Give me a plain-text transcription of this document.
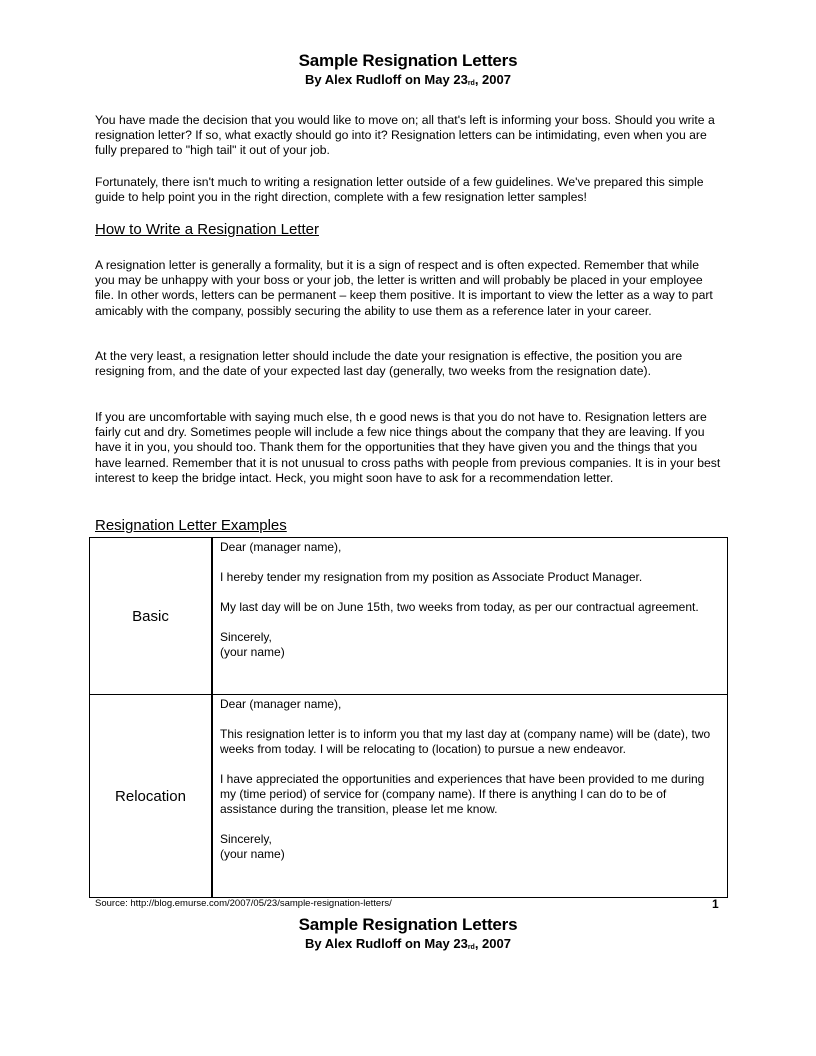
Sample Resignation Letters
By Alex Rudloff on May 23rd, 2007

You have made the decision that you would like to move on; all that's left is informing your boss. Should you write a resignation letter? If so, what exactly should go into it? Resignation letters can be intimidating, even when you are fully prepared to "high tail" it out of your job.

Fortunately, there isn't much to writing a resignation letter outside of a few guidelines. We've prepared this simple guide to help point you in the right direction, complete with a few resignation letter samples!

How to Write a Resignation Letter

A resignation letter is generally a formality, but it is a sign of respect and is often expected. Remember that while you may be unhappy with your boss or your job, the letter is written and will probably be placed in your employee file. In other words, letters can be permanent – keep them positive. It is important to view the letter as a way to part amicably with the company, possibly securing the ability to use them as a reference later in your career.

At the very least, a resignation letter should include the date your resignation is effective, the position you are resigning from, and the date of your expected last day (generally, two weeks from the resignation date).

If you are uncomfortable with saying much else, th e good news is that you do not have to. Resignation letters are fairly cut and dry. Sometimes people will include a few nice things about the company that they are leaving. If you have it in you, you should too. Thank them for the opportunities that they have given you and the things that you have learned. Remember that it is not unusual to cross paths with people from previous companies. It is in your best interest to keep the bridge intact. Heck, you might soon have to ask for a recommendation letter.

Resignation Letter Examples
Basic	Dear (manager name),

I hereby tender my resignation from my position as Associate Product Manager.

My last day will be on June 15th, two weeks from today, as per our contractual agreement.

Sincerely,

(your name)

Relocation	Dear (manager name),

This resignation letter is to inform you that my last day at (company name) will be (date), two weeks from today. I will be relocating to (location) to pursue a new endeavor.

I have appreciated the opportunities and experiences that have been provided to me during my (time period) of service for (company name). If there is anything I can do to be of assistance during the transition, please let me know.

Sincerely,

(your name)

Source: http://blog.emurse.com/2007/05/23/sample-resignation-letters/	1
Sample Resignation Letters
By Alex Rudloff on May 23rd, 2007
